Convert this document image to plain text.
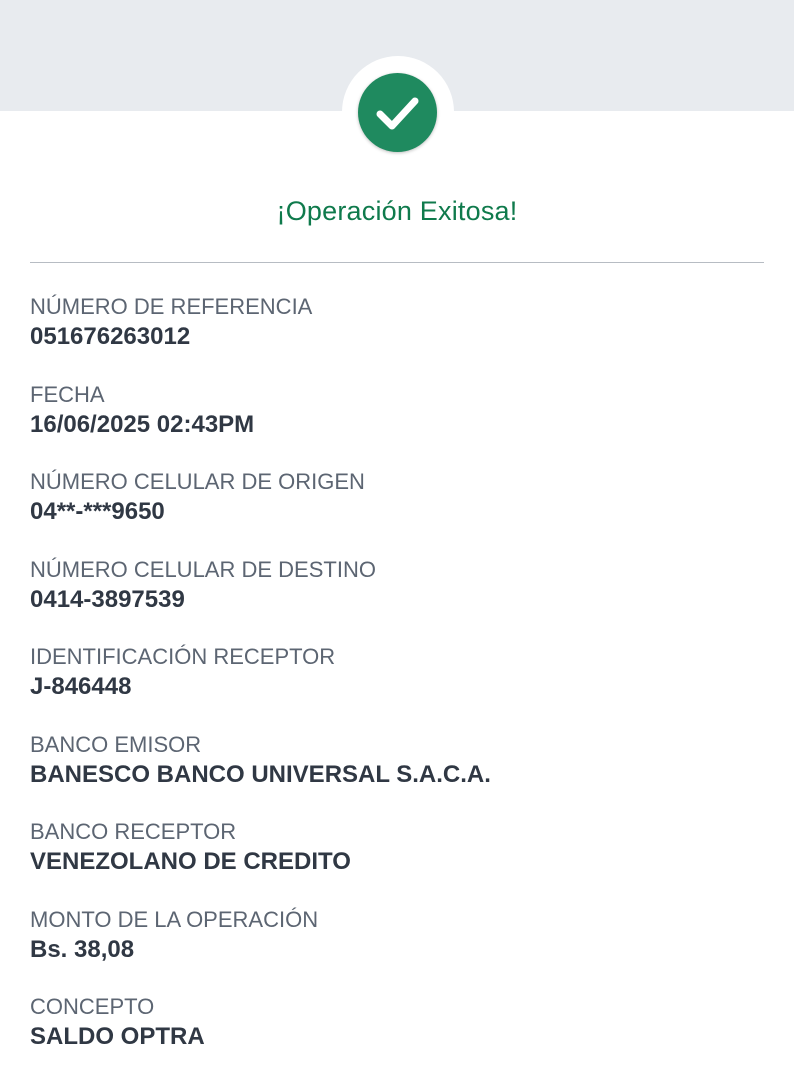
¡Operación Exitosa!
NÚMERO DE REFERENCIA
051676263012
FECHA
16/06/2025 02:43PM
NÚMERO CELULAR DE ORIGEN
04**-***9650
NÚMERO CELULAR DE DESTINO
0414-3897539
IDENTIFICACIÓN RECEPTOR
J-846448
BANCO EMISOR
BANESCO BANCO UNIVERSAL S.A.C.A.
BANCO RECEPTOR
VENEZOLANO DE CREDITO
MONTO DE LA OPERACIÓN
Bs. 38,08
CONCEPTO
SALDO OPTRA
